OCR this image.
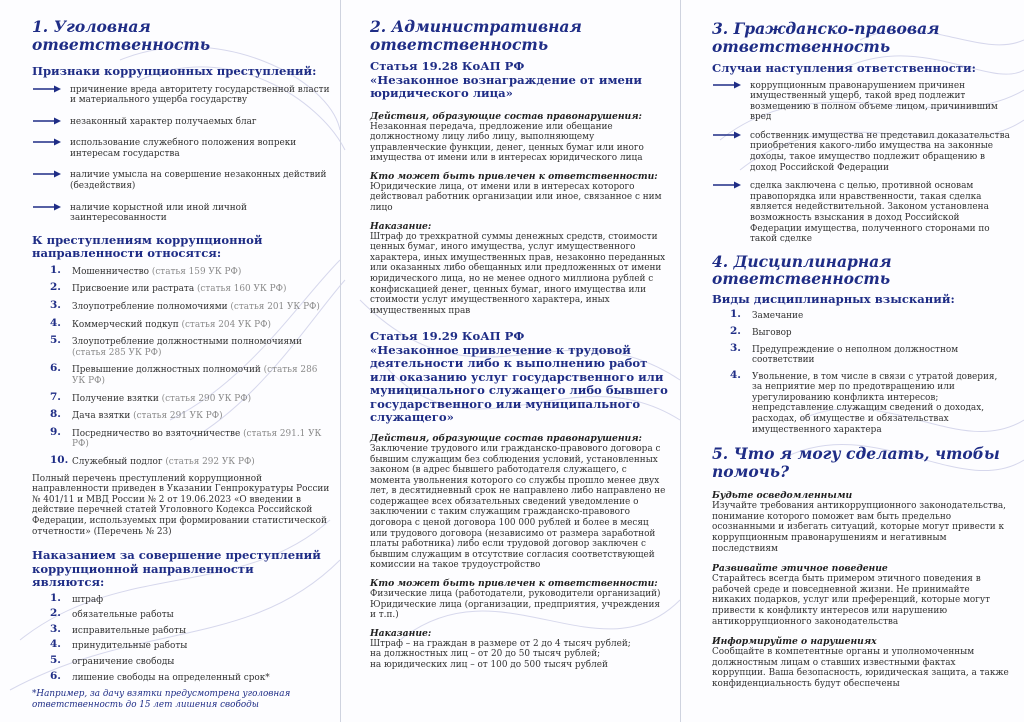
1. Уголовная ответственность
Признаки коррупционных преступлений:
причинение вреда авторитету государственной власти и материального ущерба государству
незаконный характер получаемых благ
использование служебного положения вопреки интересам государства
наличие умысла на совершение незаконных действий (бездействия)
наличие корыстной или иной личной заинтересованности
К преступлениям коррупционной направленности относятся:
1. Мошенничество (статья 159 УК РФ)
2. Присвоение или растрата (статья 160 УК РФ)
3. Злоупотребление полномочиями (статья 201 УК РФ)
4. Коммерческий подкуп (статья 204 УК РФ)
5. Злоупотребление должностными полномочиями (статья 285 УК РФ)
6. Превышение должностных полномочий (статья 286 УК РФ)
7. Получение взятки (статья 290 УК РФ)
8. Дача взятки (статья 291 УК РФ)
9. Посредничество во взяточничестве (статья 291.1 УК РФ)
10. Служебный подлог (статья 292 УК РФ)

Полный перечень преступлений коррупционной направленности приведен в Указании Генпрокуратуры России № 401/11 и МВД России № 2 от 19.06.2023 «О введении в действие перечней статей Уголовного Кодекса Российской Федерации, используемых при формировании статистической отчетности» (Перечень № 23)

Наказанием за совершение преступлений коррупционной направленности являются:
1. штраф
2. обязательные работы
3. исправительные работы
4. принудительные работы
5. ограничение свободы
6. лишение свободы на определенный срок*

*Например, за дачу взятки предусмотрена уголовная ответственность до 15 лет лишения свободы

2. Административная ответственность
Статья 19.28 КоАП РФ
«Незаконное вознаграждение от имени юридического лица»
Действия, образующие состав правонарушения:

Незаконная передача, предложение или обещание должностному лицу либо лицу, выполняющему управленческие функции, денег, ценных бумаг или иного имущества от имени или в интересах юридического лица

Кто может быть привлечен к ответственности:

Юридические лица, от имени или в интересах которого действовал работник организации или иное, связанное с ним лицо

Наказание:

Штраф до трехкратной суммы денежных средств, стоимости ценных бумаг, иного имущества, услуг имущественного характера, иных имущественных прав, незаконно переданных или оказанных либо обещанных или предложенных от имени юридического лица, но не менее одного миллиона рублей с конфискацией денег, ценных бумаг, иного имущества или стоимости услуг имущественного характера, иных имущественных прав

Статья 19.29 КоАП РФ
«Незаконное привлечение к трудовой деятельности либо к выполнению работ или оказанию услуг государственного или муниципального служащего либо бывшего государственного или муниципального служащего»
Действия, образующие состав правонарушения:

Заключение трудового или гражданско-правового договора с бывшим служащим без соблюдения условий, установленных законом (в адрес бывшего работодателя служащего, с момента увольнения которого со службы прошло менее двух лет, в десятидневный срок не направлено либо направлено не содержащее всех обязательных сведений уведомление о заключении с таким служащим гражданско-правового договора с ценой договора 100 000 рублей и более в месяц или трудового договора (независимо от размера заработной платы работника) либо если трудовой договор заключен с бывшим служащим в отсутствие согласия соответствующей комиссии на такое трудоустройство

Кто может быть привлечен к ответственности:

Физические лица (работодатели, руководители организаций)
Юридические лица (организации, предприятия, учреждения и т.п.)

Наказание:

Штраф – на граждан в размере от 2 до 4 тысяч рублей;
на должностных лиц – от 20 до 50 тысяч рублей;
на юридических лиц – от 100 до 500 тысяч рублей

3. Гражданско-правовая ответственность
Случаи наступления ответственности:
коррупционным правонарушением причинен имущественный ущерб, такой вред подлежит возмещению в полном объеме лицом, причинившим вред
собственник имущества не представил доказательства приобретения какого-либо имущества на законные доходы, такое имущество подлежит обращению в доход Российской Федерации
сделка заключена с целью, противной основам правопорядка или нравственности, такая сделка является недействительной. Законом установлена возможность взыскания в доход Российской Федерации имущества, полученного сторонами по такой сделке
4. Дисциплинарная ответственность
Виды дисциплинарных взысканий:
1. Замечание
2. Выговор
3. Предупреждение о неполном должностном соответствии
4. Увольнение, в том числе в связи с утратой доверия, за неприятие мер по предотвращению или урегулированию конфликта интересов; непредставление служащим сведений о доходах, расходах, об имуществе и обязательствах имущественного характера
5. Что я могу сделать, чтобы помочь?
Будьте осведомленными

Изучайте требования антикоррупционного законодательства, понимание которого поможет вам быть предельно осознанными и избегать ситуаций, которые могут привести к коррупционным правонарушениям и негативным последствиям

Развивайте этичное поведение

Старайтесь всегда быть примером этичного поведения в рабочей среде и повседневной жизни. Не принимайте никаких подарков, услуг или преференций, которые могут привести к конфликту интересов или нарушению антикоррупционного законодательства

Информируйте о нарушениях

Сообщайте в компетентные органы и уполномоченным должностным лицам о ставших известными фактах коррупции. Ваша безопасность, юридическая защита, а также конфиденциальность будут обеспечены
